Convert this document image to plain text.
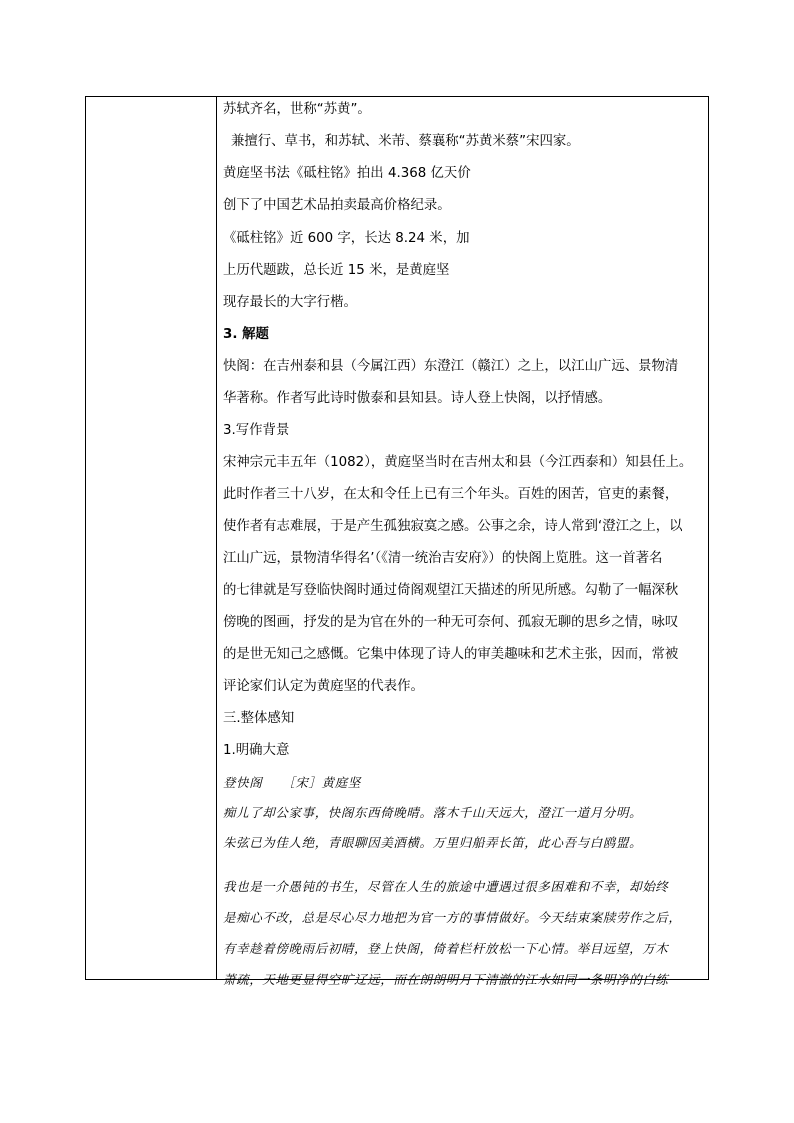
苏轼齐名，世称“苏黄”。
兼擅行、草书，和苏轼、米芾、蔡襄称“苏黄米蔡”宋四家。
黄庭坚书法《砥柱铭》拍出 4.368 亿天价
创下了中国艺术品拍卖最高价格纪录。
《砥柱铭》近 600 字，长达 8.24 米，加
上历代题跋，总长近 15 米，是黄庭坚
现存最长的大字行楷。
3. 解题
快阁：在吉州泰和县（今属江西）东澄江（赣江）之上，以江山广远、景物清
华著称。作者写此诗时傲泰和县知县。诗人登上快阁，以抒情感。
3.写作背景
宋神宗元丰五年（1082），黄庭坚当时在吉州太和县（今江西泰和）知县任上。
此时作者三十八岁，在太和令任上已有三个年头。百姓的困苦，官吏的素餐，
使作者有志难展，于是产生孤独寂寞之感。公事之余，诗人常到‘澄江之上，以
江山广远，景物清华得名’（《清一统治吉安府》）的快阁上览胜。这一首著名
的七律就是写登临快阁时通过倚阁观望江天描述的所见所感。勾勒了一幅深秋
傍晚的图画，抒发的是为官在外的一种无可奈何、孤寂无聊的思乡之情，咏叹
的是世无知己之感慨。它集中体现了诗人的审美趣味和艺术主张，因而，常被
评论家们认定为黄庭坚的代表作。
三.整体感知
1.明确大意
登快阁　　［宋］黄庭坚
痴儿了却公家事，快阁东西倚晚晴。落木千山天远大，澄江一道月分明。
朱弦已为佳人绝，青眼聊因美酒横。万里归船弄长笛，此心吾与白鸥盟。
我也是一介愚钝的书生，尽管在人生的旅途中遭遇过很多困难和不幸，却始终
是痴心不改，总是尽心尽力地把为官一方的事情做好。今天结束案牍劳作之后，
有幸趁着傍晚雨后初晴，登上快阁，倚着栏杆放松一下心情。举目远望，万木
萧疏，天地更显得空旷辽远，而在朗朗明月下清澈的江水如同一条明净的白练
